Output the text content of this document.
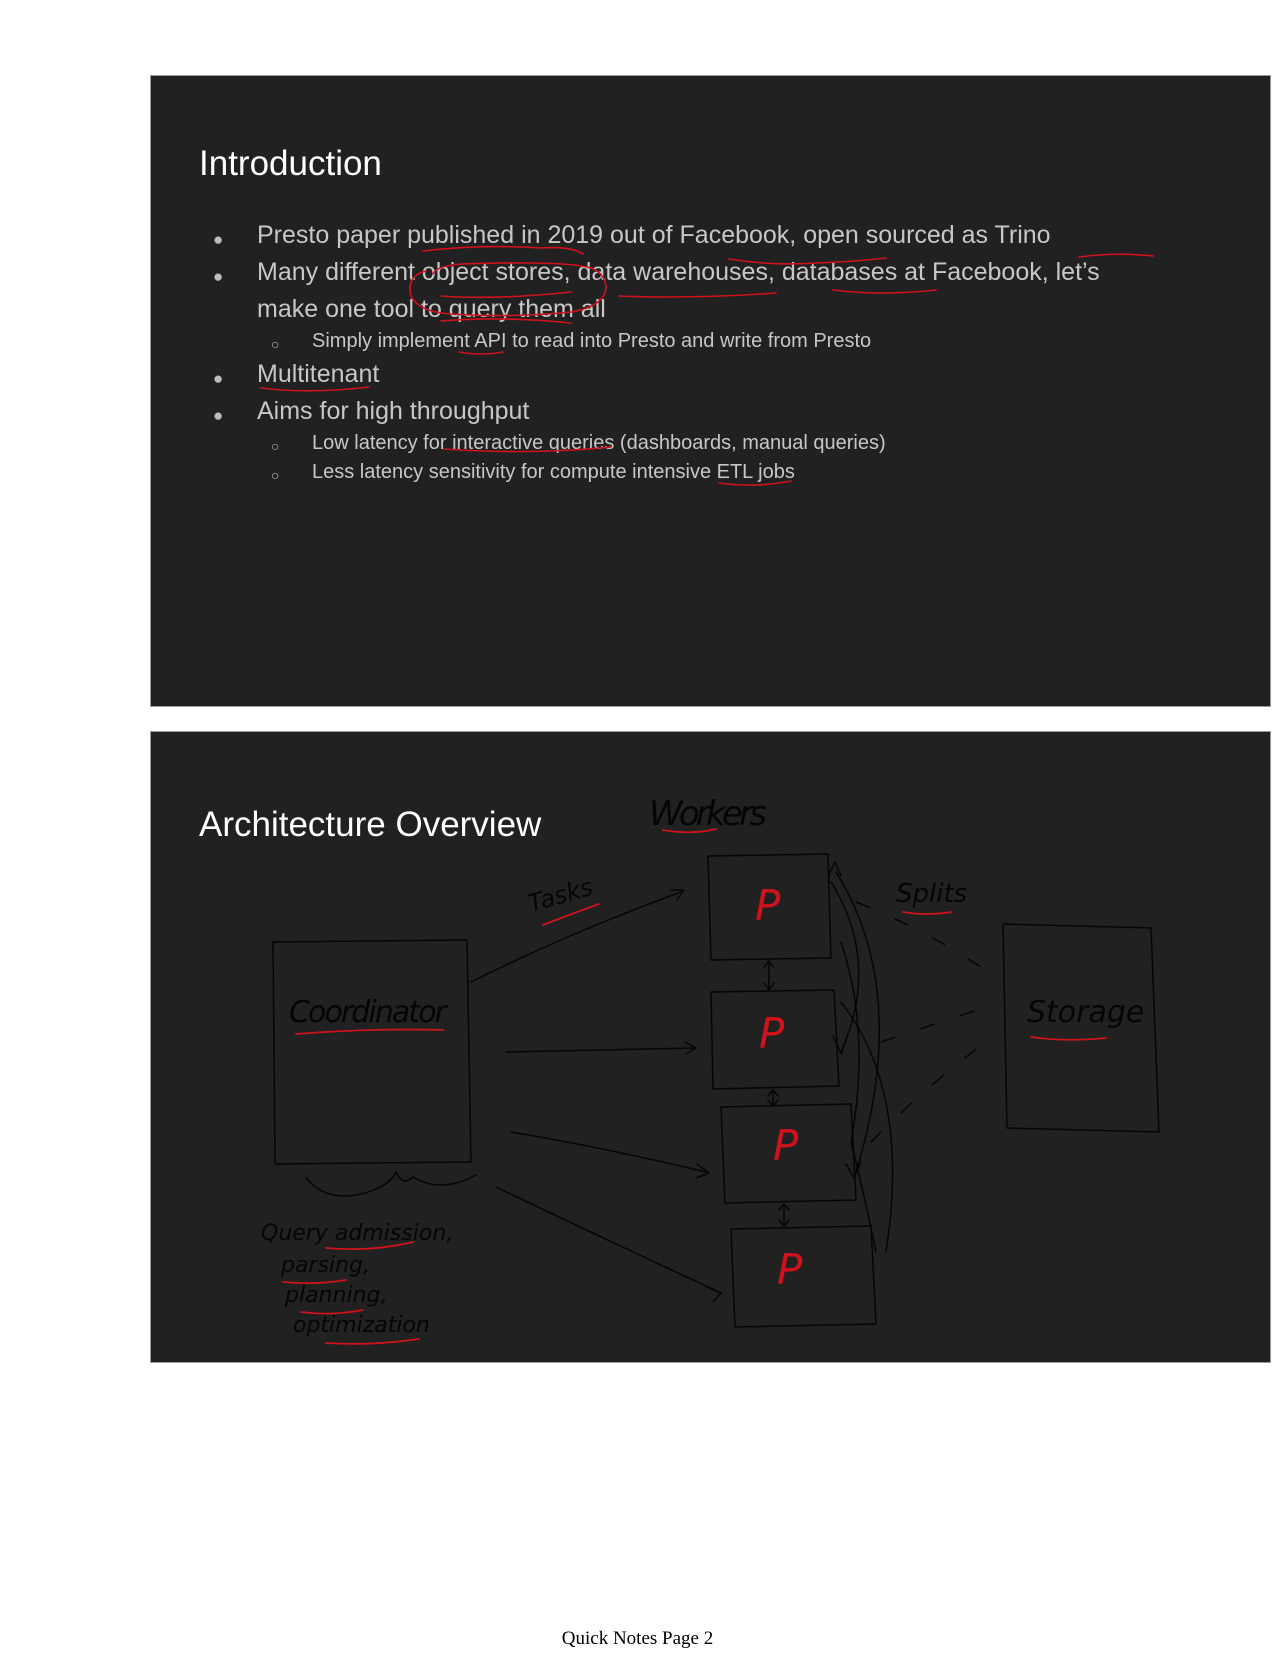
Introduction
● Presto paper published in 2019 out of Facebook, open sourced as Trino
● Many different object stores, data warehouses, databases at Facebook, let’s
make one tool to query them all
○ Simply implement API to read into Presto and write from Presto
● Multitenant
● Aims for high throughput
○ Low latency for interactive queries (dashboards, manual queries)
○ Less latency sensitivity for compute intensive ETL jobs
Architecture Overview	Workers
Tasks	Splits
Coordinator	Storage
Query admission,
parsing,
planning,
optimization
P
P
P
P
Quick Notes Page 2
